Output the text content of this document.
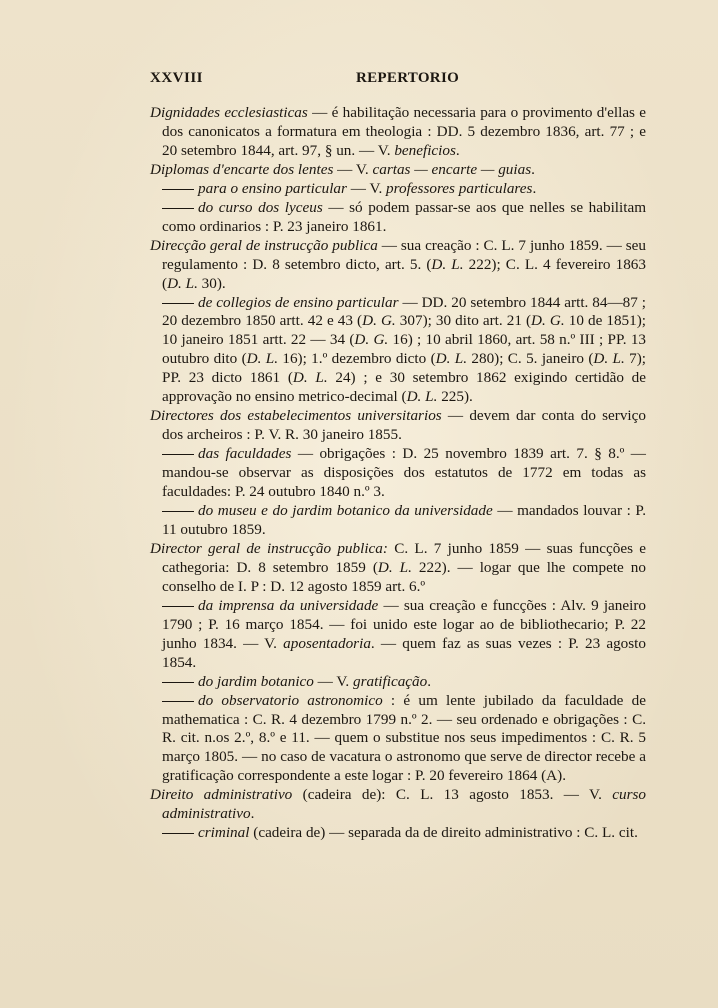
XXVIII	REPERTORIO

Dignidades ecclesiasticas — é habilitação necessaria para o provimento d'ellas e dos canonicatos a formatura em theologia : DD. 5 dezembro 1836, art. 77 ; e 20 setembro 1844, art. 97, § un. — V. beneficios.

Diplomas d'encarte dos lentes — V. cartas — encarte — guias.

para o ensino particular — V. professores particulares.

do curso dos lyceus — só podem passar-se aos que nelles se habilitam como ordinarios : P. 23 janeiro 1861.

Direcção geral de instrucção publica — sua creação : C. L. 7 junho 1859. — seu regulamento : D. 8 setembro dicto, art. 5. (D. L. 222); C. L. 4 fevereiro 1863 (D. L. 30).

de collegios de ensino particular — DD. 20 setembro 1844 artt. 84—87 ; 20 dezembro 1850 artt. 42 e 43 (D. G. 307); 30 dito art. 21 (D. G. 10 de 1851); 10 janeiro 1851 artt. 22 — 34 (D. G. 16) ; 10 abril 1860, art. 58 n.º III ; PP. 13 outubro dito (D. L. 16); 1.º dezembro dicto (D. L. 280); C. 5. janeiro (D. L. 7); PP. 23 dicto 1861 (D. L. 24) ; e 30 setembro 1862 exigindo certidão de approvação no ensino metrico-decimal (D. L. 225).

Directores dos estabelecimentos universitarios — devem dar conta do serviço dos archeiros : P. V. R. 30 janeiro 1855.

das faculdades — obrigações : D. 25 novembro 1839 art. 7. § 8.º — mandou-se observar as disposições dos estatutos de 1772 em todas as faculdades: P. 24 outubro 1840 n.º 3.

do museu e do jardim botanico da universidade — mandados louvar : P. 11 outubro 1859.

Director geral de instrucção publica: C. L. 7 junho 1859 — suas funcções e cathegoria: D. 8 setembro 1859 (D. L. 222). — logar que lhe compete no conselho de I. P : D. 12 agosto 1859 art. 6.º

da imprensa da universidade — sua creação e funcções : Alv. 9 janeiro 1790 ; P. 16 março 1854. — foi unido este logar ao de bibliothecario; P. 22 junho 1834. — V. aposentadoria. — quem faz as suas vezes : P. 23 agosto 1854.

do jardim botanico — V. gratificação.

do observatorio astronomico : é um lente jubilado da faculdade de mathematica : C. R. 4 dezembro 1799 n.º 2. — seu ordenado e obrigações : C. R. cit. n.os 2.º, 8.º e 11. — quem o substitue nos seus impedimentos : C. R. 5 março 1805. — no caso de vacatura o astronomo que serve de director recebe a gratificação correspondente a este logar : P. 20 fevereiro 1864 (A).

Direito administrativo (cadeira de): C. L. 13 agosto 1853. — V. curso administrativo.

criminal (cadeira de) — separada da de direito administrativo : C. L. cit.
